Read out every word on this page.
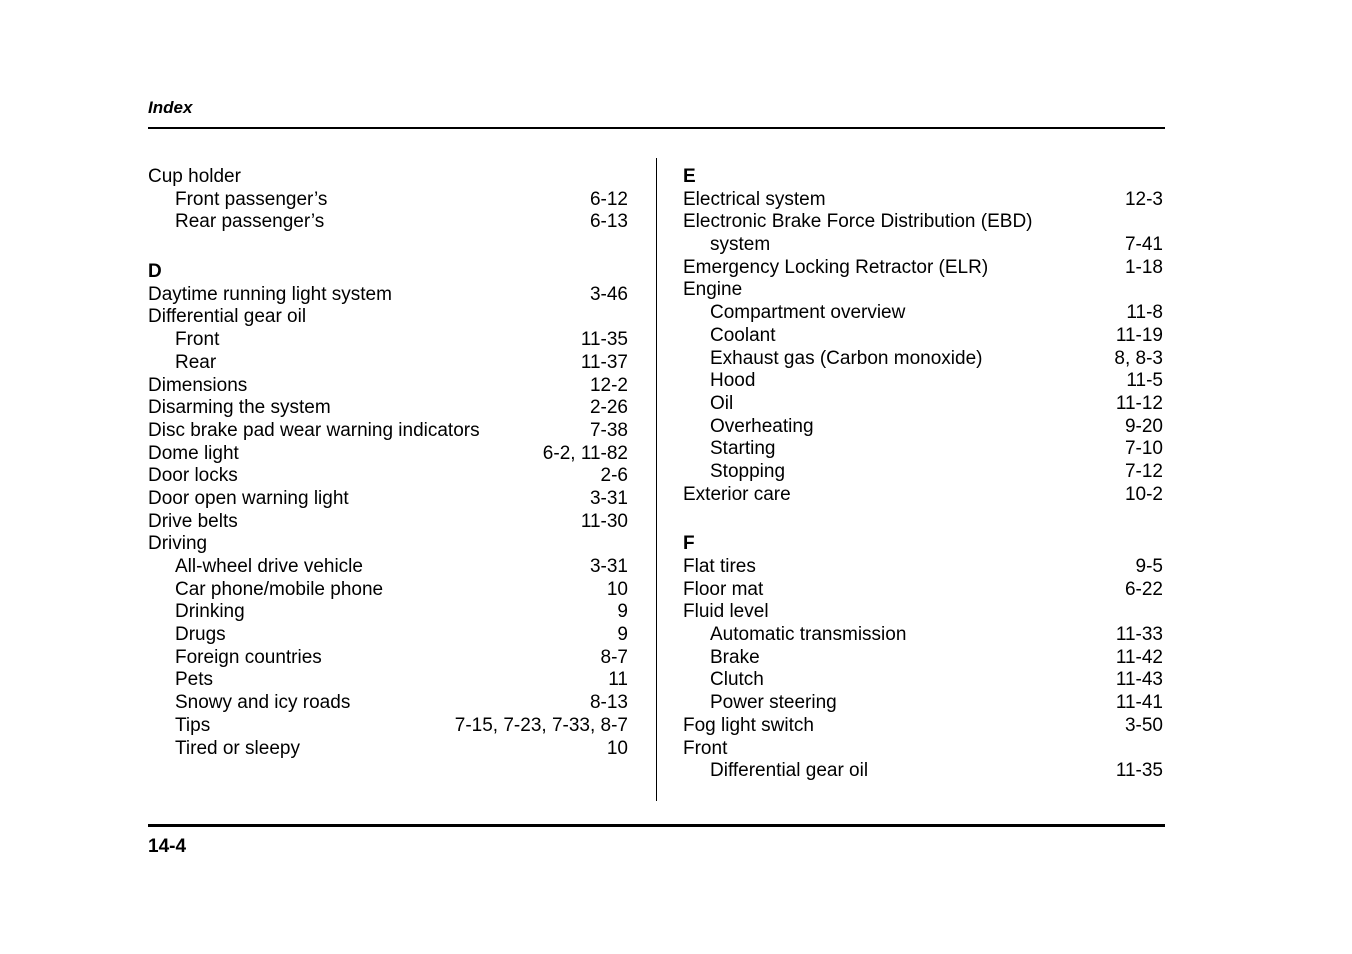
Index
Cup holder
Front passenger’s	6-12
Rear passenger’s	6-13
D
Daytime running light system	3-46
Differential gear oil
Front	11-35
Rear	11-37
Dimensions	12-2
Disarming the system	2-26
Disc brake pad wear warning indicators	7-38
Dome light	6-2, 11-82
Door locks	2-6
Door open warning light	3-31
Drive belts	11-30
Driving
All-wheel drive vehicle	3-31
Car phone/mobile phone	10
Drinking	9
Drugs	9
Foreign countries	8-7
Pets	11
Snowy and icy roads	8-13
Tips	7-15, 7-23, 7-33, 8-7
Tired or sleepy	10
E
Electrical system	12-3
Electronic Brake Force Distribution (EBD)
system	7-41
Emergency Locking Retractor (ELR)	1-18
Engine
Compartment overview	11-8
Coolant	11-19
Exhaust gas (Carbon monoxide)	8, 8-3
Hood	11-5
Oil	11-12
Overheating	9-20
Starting	7-10
Stopping	7-12
Exterior care	10-2
F
Flat tires	9-5
Floor mat	6-22
Fluid level
Automatic transmission	11-33
Brake	11-42
Clutch	11-43
Power steering	11-41
Fog light switch	3-50
Front
Differential gear oil	11-35
14-4
